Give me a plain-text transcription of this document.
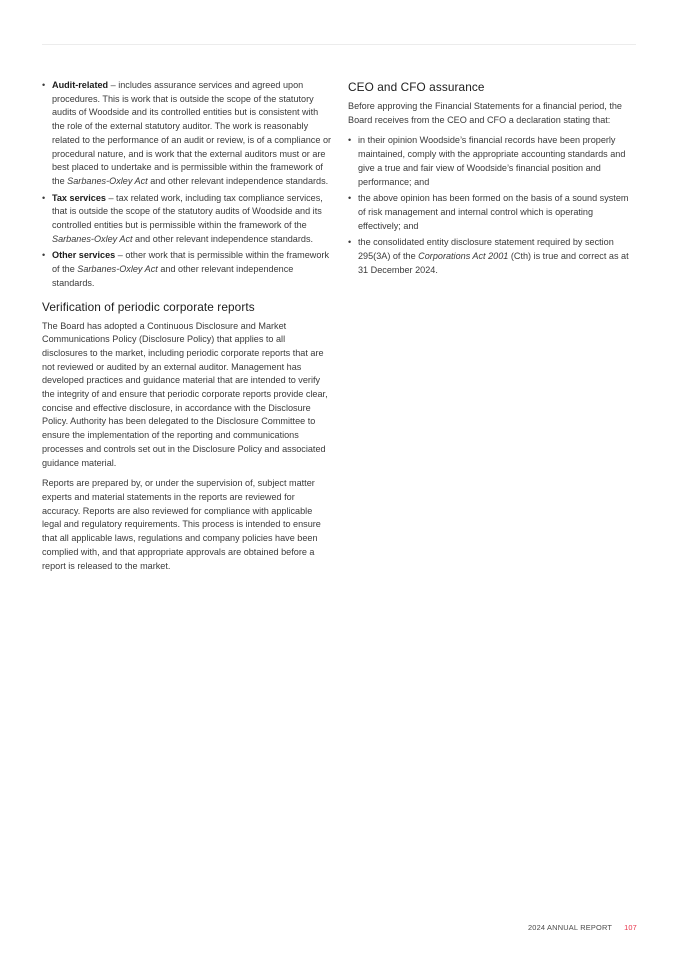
• Audit-related – includes assurance services and agreed upon procedures. This is work that is outside the scope of the statutory audits of Woodside and its controlled entities but is consistent with the role of the external statutory auditor. The work is reasonably related to the performance of an audit or review, is of a compliance or procedural nature, and is work that the external auditors must or are best placed to undertake and is permissible within the framework of the Sarbanes-Oxley Act and other relevant independence standards.
• Tax services – tax related work, including tax compliance services, that is outside the scope of the statutory audits of Woodside and its controlled entities but is permissible within the framework of the Sarbanes-Oxley Act and other relevant independence standards.
• Other services – other work that is permissible within the framework of the Sarbanes-Oxley Act and other relevant independence standards.
Verification of periodic corporate reports

The Board has adopted a Continuous Disclosure and Market Communications Policy (Disclosure Policy) that applies to all disclosures to the market, including periodic corporate reports that are not reviewed or audited by an external auditor. Management has developed practices and guidance material that are intended to verify the integrity of and ensure that periodic corporate reports provide clear, concise and effective disclosure, in accordance with the Disclosure Policy. Authority has been delegated to the Disclosure Committee to ensure the implementation of the reporting and communications processes and controls set out in the Disclosure Policy and associated guidance material.

Reports are prepared by, or under the supervision of, subject matter experts and material statements in the reports are reviewed for accuracy. Reports are also reviewed for compliance with applicable legal and regulatory requirements. This process is intended to ensure that all applicable laws, regulations and company policies have been complied with, and that appropriate approvals are obtained before a report is released to the market.

CEO and CFO assurance

Before approving the Financial Statements for a financial period, the Board receives from the CEO and CFO a declaration stating that:

• in their opinion Woodside’s financial records have been properly maintained, comply with the appropriate accounting standards and give a true and fair view of Woodside’s financial position and performance; and
• the above opinion has been formed on the basis of a sound system of risk management and internal control which is operating effectively; and
• the consolidated entity disclosure statement required by section 295(3A) of the Corporations Act 2001 (Cth) is true and correct as at 31 December 2024.
2024 ANNUAL REPORT 107
